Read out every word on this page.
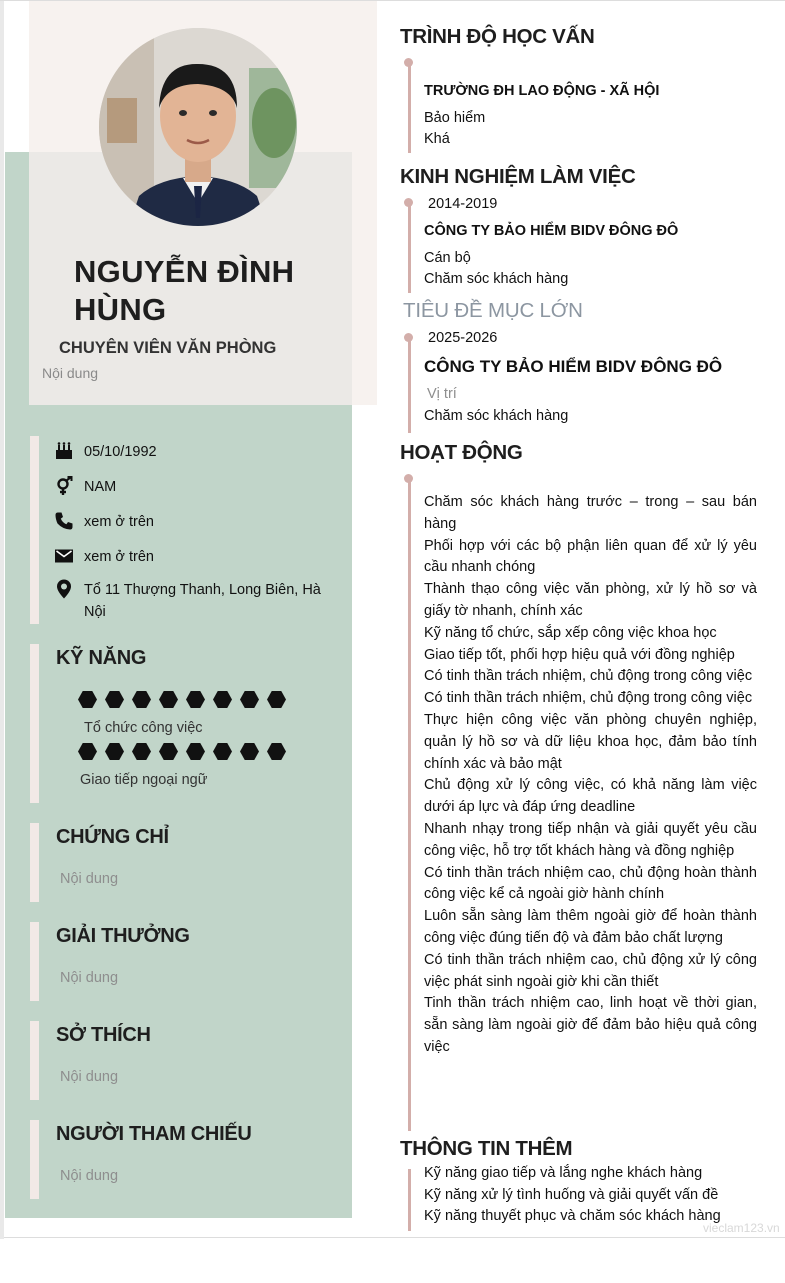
NGUYỄN ĐÌNH HÙNG
CHUYÊN VIÊN VĂN PHÒNG
Nội dung
05/10/1992
NAM
xem ở trên
xem ở trên
Tổ 11 Thượng Thanh, Long Biên, Hà Nội
KỸ NĂNG
Tổ chức công việc
Giao tiếp ngoại ngữ
CHỨNG CHỈ
Nội dung
GIẢI THƯỞNG
Nội dung
SỞ THÍCH
Nội dung
NGƯỜI THAM CHIẾU
Nội dung
TRÌNH ĐỘ HỌC VẤN
TRƯỜNG ĐH LAO ĐỘNG - XÃ HỘI
Bảo hiểm
Khá
KINH NGHIỆM LÀM VIỆC
2014-2019
CÔNG TY BẢO HIỂM BIDV ĐÔNG ĐÔ
Cán bộ
Chăm sóc khách hàng
TIÊU ĐỀ MỤC LỚN
2025-2026
CÔNG TY BẢO HIỂM BIDV ĐÔNG ĐÔ
Vị trí
Chăm sóc khách hàng
HOẠT ĐỘNG
Chăm sóc khách hàng trước – trong – sau bán hàng
Phối hợp với các bộ phận liên quan để xử lý yêu cầu nhanh chóng
Thành thạo công việc văn phòng, xử lý hồ sơ và giấy tờ nhanh, chính xác
Kỹ năng tổ chức, sắp xếp công việc khoa học
Giao tiếp tốt, phối hợp hiệu quả với đồng nghiệp
Có tinh thần trách nhiệm, chủ động trong công việc
Có tinh thần trách nhiệm, chủ động trong công việc
Thực hiện công việc văn phòng chuyên nghiệp, quản lý hồ sơ và dữ liệu khoa học, đảm bảo tính chính xác và bảo mật
Chủ động xử lý công việc, có khả năng làm việc dưới áp lực và đáp ứng deadline
Nhanh nhạy trong tiếp nhận và giải quyết yêu cầu công việc, hỗ trợ tốt khách hàng và đồng nghiệp
Có tinh thần trách nhiệm cao, chủ động hoàn thành công việc kể cả ngoài giờ hành chính
Luôn sẵn sàng làm thêm ngoài giờ để hoàn thành công việc đúng tiến độ và đảm bảo chất lượng
Có tinh thần trách nhiệm cao, chủ động xử lý công việc phát sinh ngoài giờ khi cần thiết
Tinh thần trách nhiệm cao, linh hoạt về thời gian, sẵn sàng làm ngoài giờ để đảm bảo hiệu quả công việc
THÔNG TIN THÊM
Kỹ năng giao tiếp và lắng nghe khách hàng
Kỹ năng xử lý tình huống và giải quyết vấn đề
Kỹ năng thuyết phục và chăm sóc khách hàng
vieclam123.vn
